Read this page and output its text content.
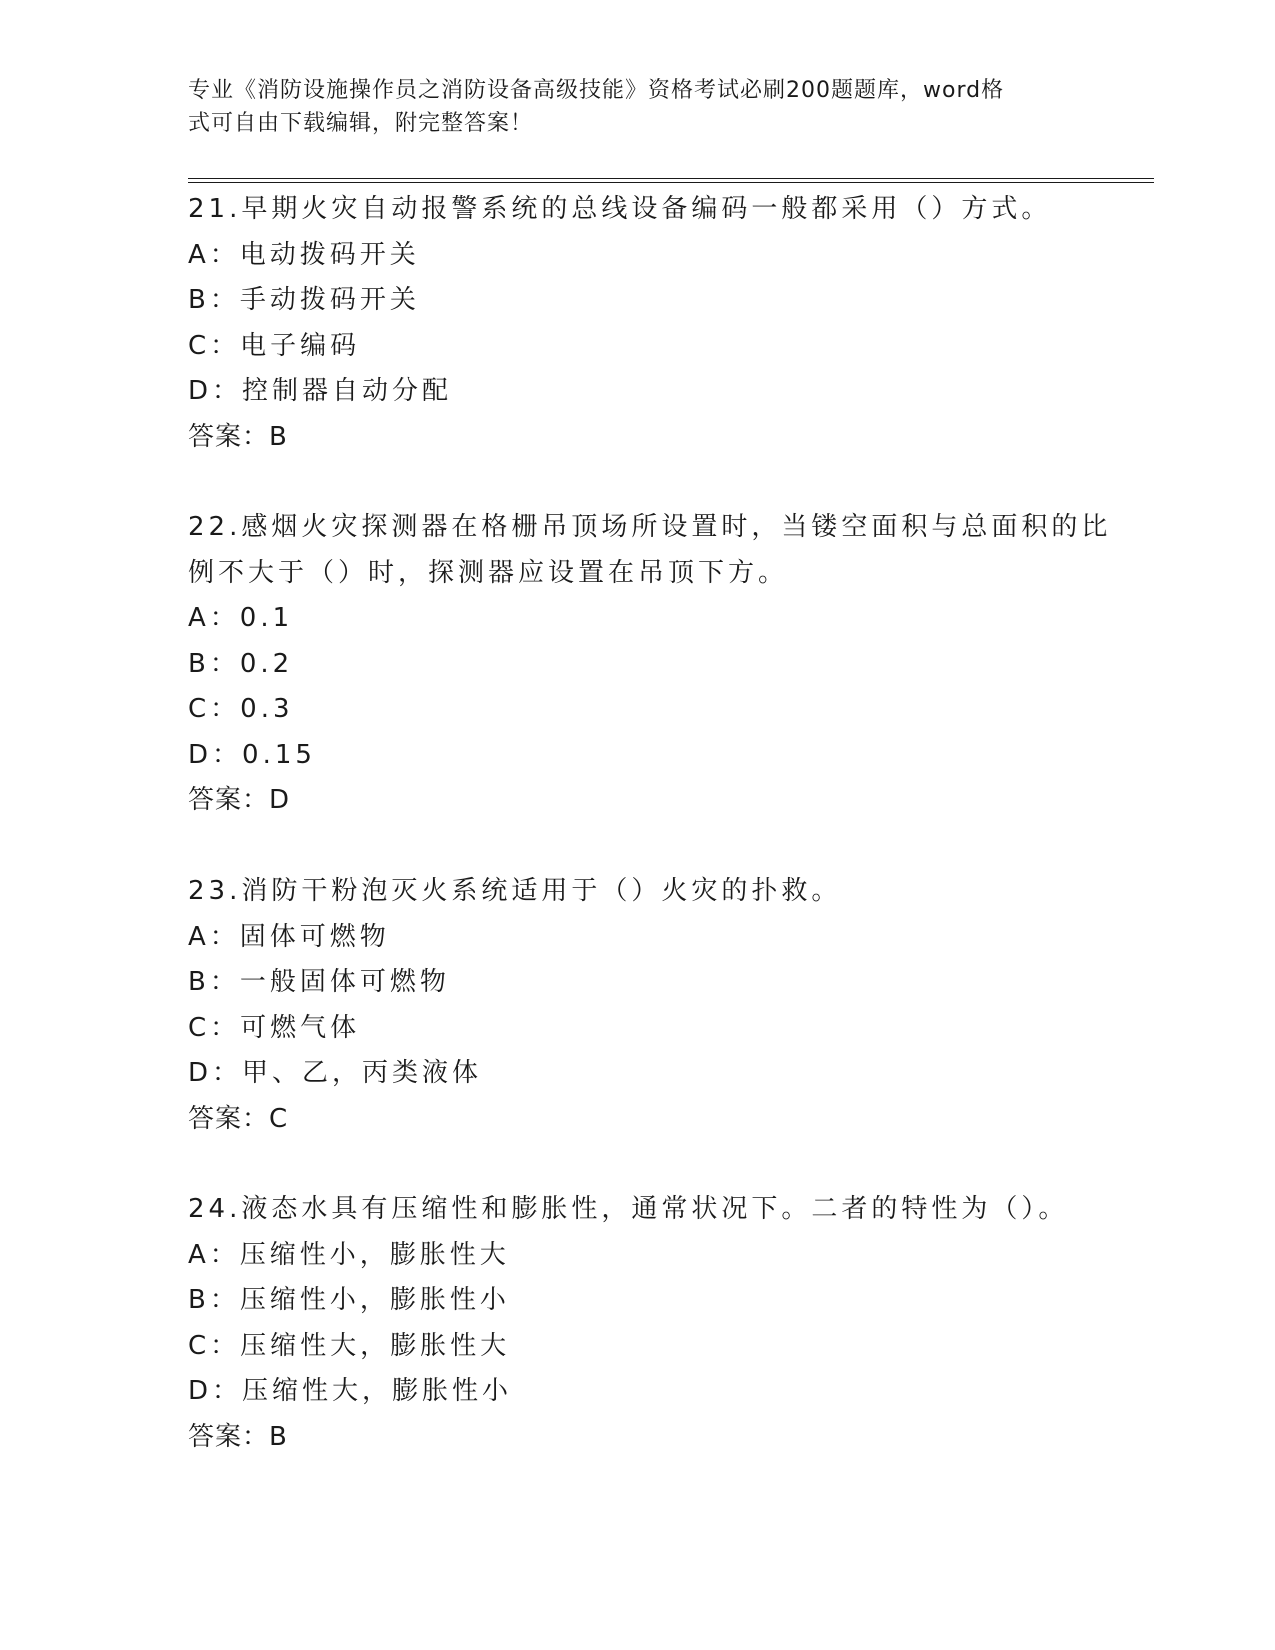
专业《消防设施操作员之消防设备高级技能》资格考试必刷200题题库，word格
式可自由下载编辑，附完整答案！
21.早期火灾自动报警系统的总线设备编码一般都采用（）方式。
A：电动拨码开关
B：手动拨码开关
C：电子编码
D：控制器自动分配
答案：B
22.感烟火灾探测器在格栅吊顶场所设置时，当镂空面积与总面积的比
例不大于（）时，探测器应设置在吊顶下方。
A：0.1
B：0.2
C：0.3
D：0.15
答案：D
23.消防干粉泡灭火系统适用于（）火灾的扑救。
A：固体可燃物
B：一般固体可燃物
C：可燃气体
D：甲、乙，丙类液体
答案：C
24.液态水具有压缩性和膨胀性，通常状况下。二者的特性为（）。
A：压缩性小，膨胀性大
B：压缩性小，膨胀性小
C：压缩性大，膨胀性大
D：压缩性大，膨胀性小
答案：B
